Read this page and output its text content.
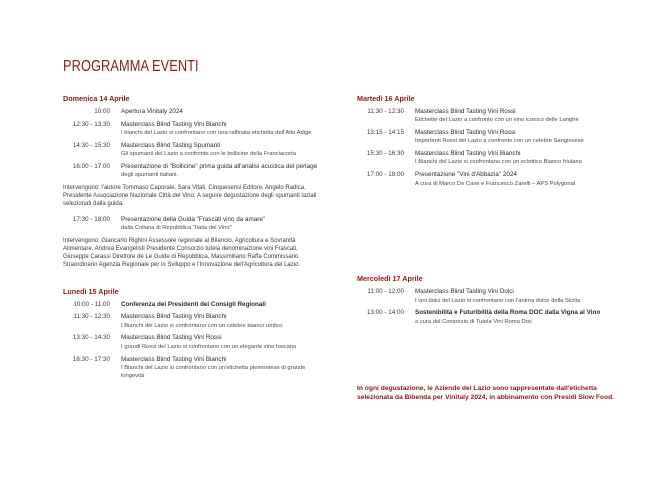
PROGRAMMA EVENTI
Domenica 14 Aprile
10:00	Apertura Vinitaly 2024
12:30 - 13:30	Masterclass Blind Tasting Vini Bianchi
I bianchi del Lazio si confrontano con una raffinata etichetta dell'Alto Adige
14:30 - 15:30	Masterclass Blind Tasting Spumanti
Gli spumanti del Lazio a confronto con le bollicine della Franciacorta
16:00 - 17:00	Presentazione di "Bollicine" prima guida all'analisi acustica del perlage
degli spumanti italiani.
Intervengono: l'autore Tommaso Caporale, Sara Vitali, Cinquesensi Editore, Angelo Radica, Presidente Associazione Nazionale Città del Vino. A seguire degustazione degli spumanti laziali selezionati dalla guida.
17:30 - 18:00	Presentazione della Guida "Frascati vino da amare"
dalla Collana di Repubblica "Italia del Vino"
Intervengono: Giancarlo Righini Assessore regionale al Bilancio, Agricoltura e Sovranità Alimentare, Andrea Evangelisti Presidente Consorzio tutela denominazione vini Frascati, Giuseppe Carassi Direttore de Le Guide di Repubblica, Massimiliano Raffa Commissario Straordinario Agenzia Regionale per lo Sviluppo e l'Innovazione dell'Agricoltura del Lazio.
Lunedì 15 Aprile
10:00 - 11:00	Conferenza dei Presidenti dei Consigli Regionali
11:30 - 12:30	Masterclass Blind Tasting Vini Bianchi
I Bianchi del Lazio si confrontano con un celebre bianco umbro
13:30 - 14:30	Masterclass Blind Tasting Vini Rossi
I grandi Rossi del Lazio si confrontano con un elegante vino toscano
16:30 - 17:30	Masterclass Blind Tasting Vini Bianchi
I Bianchi del Lazio si confrontano con un'etichetta piemontese di grande longevità
Martedì 16 Aprile
11:30 - 12:30	Masterclass Blind Tasting Vini Rossi
Etichette del Lazio a confronto con un vino iconico delle Langhe
13:15 - 14:15	Masterclass Blind Tasting Vini Rossi
Importanti Rossi del Lazio a confronto con un celebre Sangiovese
15:30 - 16:30	Masterclass Blind Tasting Vini Bianchi
I Bianchi del Lazio si confrontano con un eclettico Bianco friulano
17:00 - 18:00	Presentazione "Vini d'Abbazia" 2024
A cura di Marco De Cave e Francesco Zarelli – APS Polygonal
Mercoledì 17 Aprile
11:00 - 12:00	Masterclass Blind Tasting Vini Dolci
I vini dolci del Lazio si confrontano con l'anima dolce della Sicilia
13:00 - 14:00	Sostenibilità e Futuribilità della Roma DOC dalla Vigna al Vino
a cura del Consorzio di Tutela Vini Roma Doc
In ogni degustazione, le Aziende del Lazio sono rappresentate dall'etichetta selezionata da Bibenda per Vinitaly 2024, in abbinamento con Presidi Slow Food.
